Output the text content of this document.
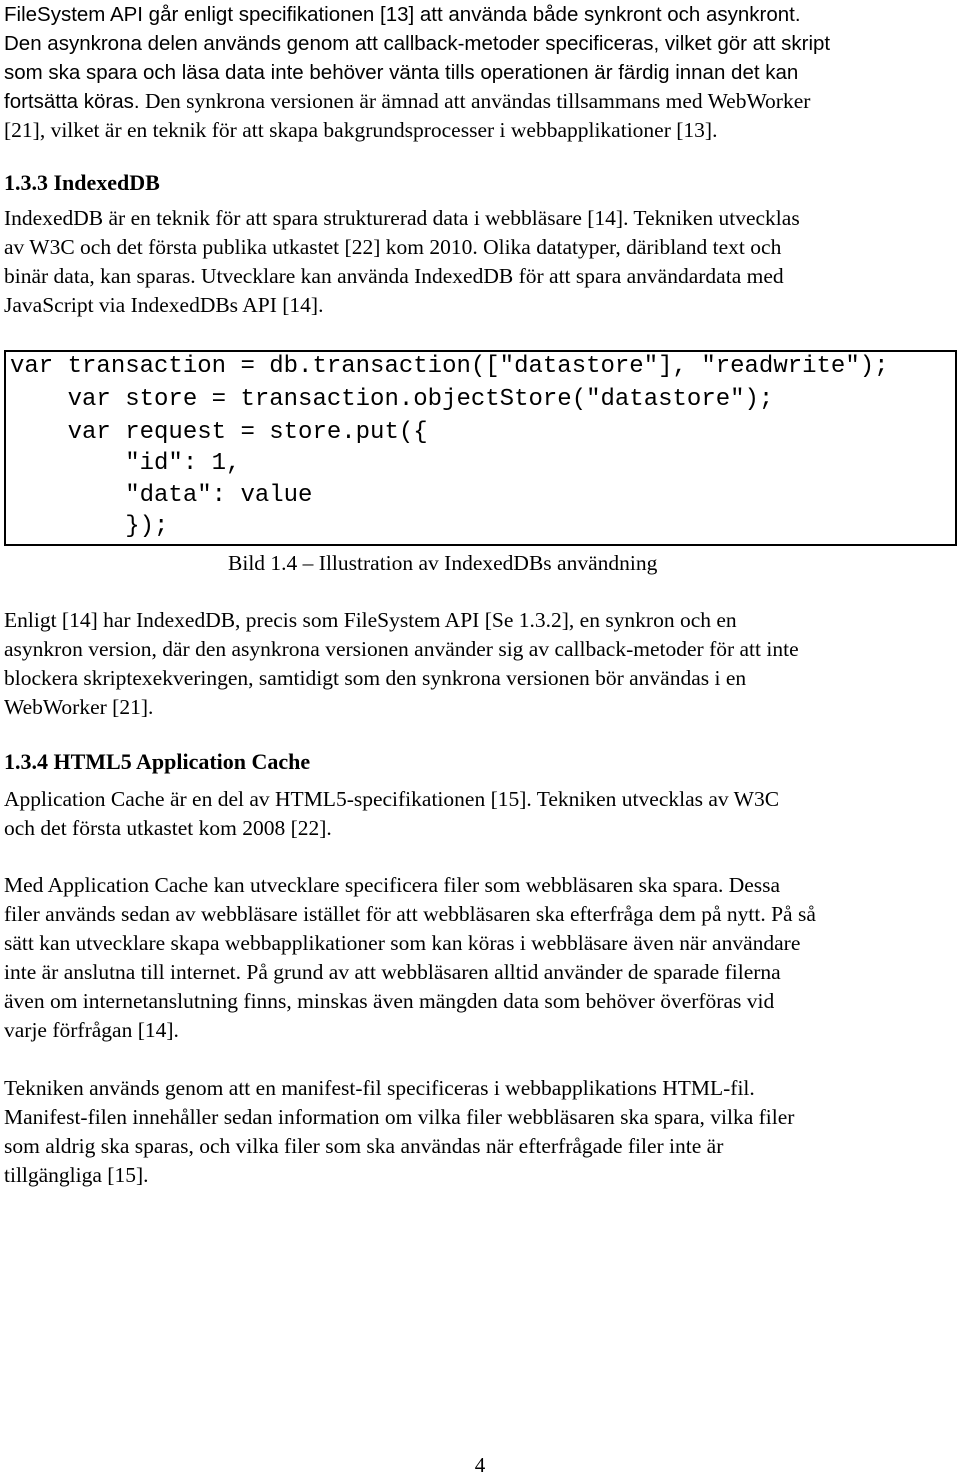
FileSystem API går enligt specifikationen [13] att använda både synkront och asynkront.
Den asynkrona delen används genom att callback-metoder specificeras, vilket gör att skript
som ska spara och läsa data inte behöver vänta tills operationen är färdig innan det kan
fortsätta köras. Den synkrona versionen är ämnad att användas tillsammans med WebWorker
[21], vilket är en teknik för att skapa bakgrundsprocesser i webbapplikationer [13].
1.3.3 IndexedDB
IndexedDB är en teknik för att spara strukturerad data i webbläsare [14]. Tekniken utvecklas
av W3C och det första publika utkastet [22] kom 2010. Olika datatyper, däribland text och
binär data, kan sparas. Utvecklare kan använda IndexedDB för att spara användardata med
JavaScript via IndexedDBs API [14].
var transaction = db.transaction(["datastore"], "readwrite");
var store = transaction.objectStore("datastore");
var request = store.put({
"id": 1,
"data": value
});
Bild 1.4 – Illustration av IndexedDBs användning
Enligt [14] har IndexedDB, precis som FileSystem API [Se 1.3.2], en synkron och en
asynkron version, där den asynkrona versionen använder sig av callback-metoder för att inte
blockera skriptexekveringen, samtidigt som den synkrona versionen bör användas i en
WebWorker [21].
1.3.4 HTML5 Application Cache
Application Cache är en del av HTML5-specifikationen [15]. Tekniken utvecklas av W3C
och det första utkastet kom 2008 [22].
Med Application Cache kan utvecklare specificera filer som webbläsaren ska spara. Dessa
filer används sedan av webbläsare istället för att webbläsaren ska efterfråga dem på nytt. På så
sätt kan utvecklare skapa webbapplikationer som kan köras i webbläsare även när användare
inte är anslutna till internet. På grund av att webbläsaren alltid använder de sparade filerna
även om internetanslutning finns, minskas även mängden data som behöver överföras vid
varje förfrågan [14].
Tekniken används genom att en manifest-fil specificeras i webbapplikations HTML-fil.
Manifest-filen innehåller sedan information om vilka filer webbläsaren ska spara, vilka filer
som aldrig ska sparas, och vilka filer som ska användas när efterfrågade filer inte är
tillgängliga [15].
4
